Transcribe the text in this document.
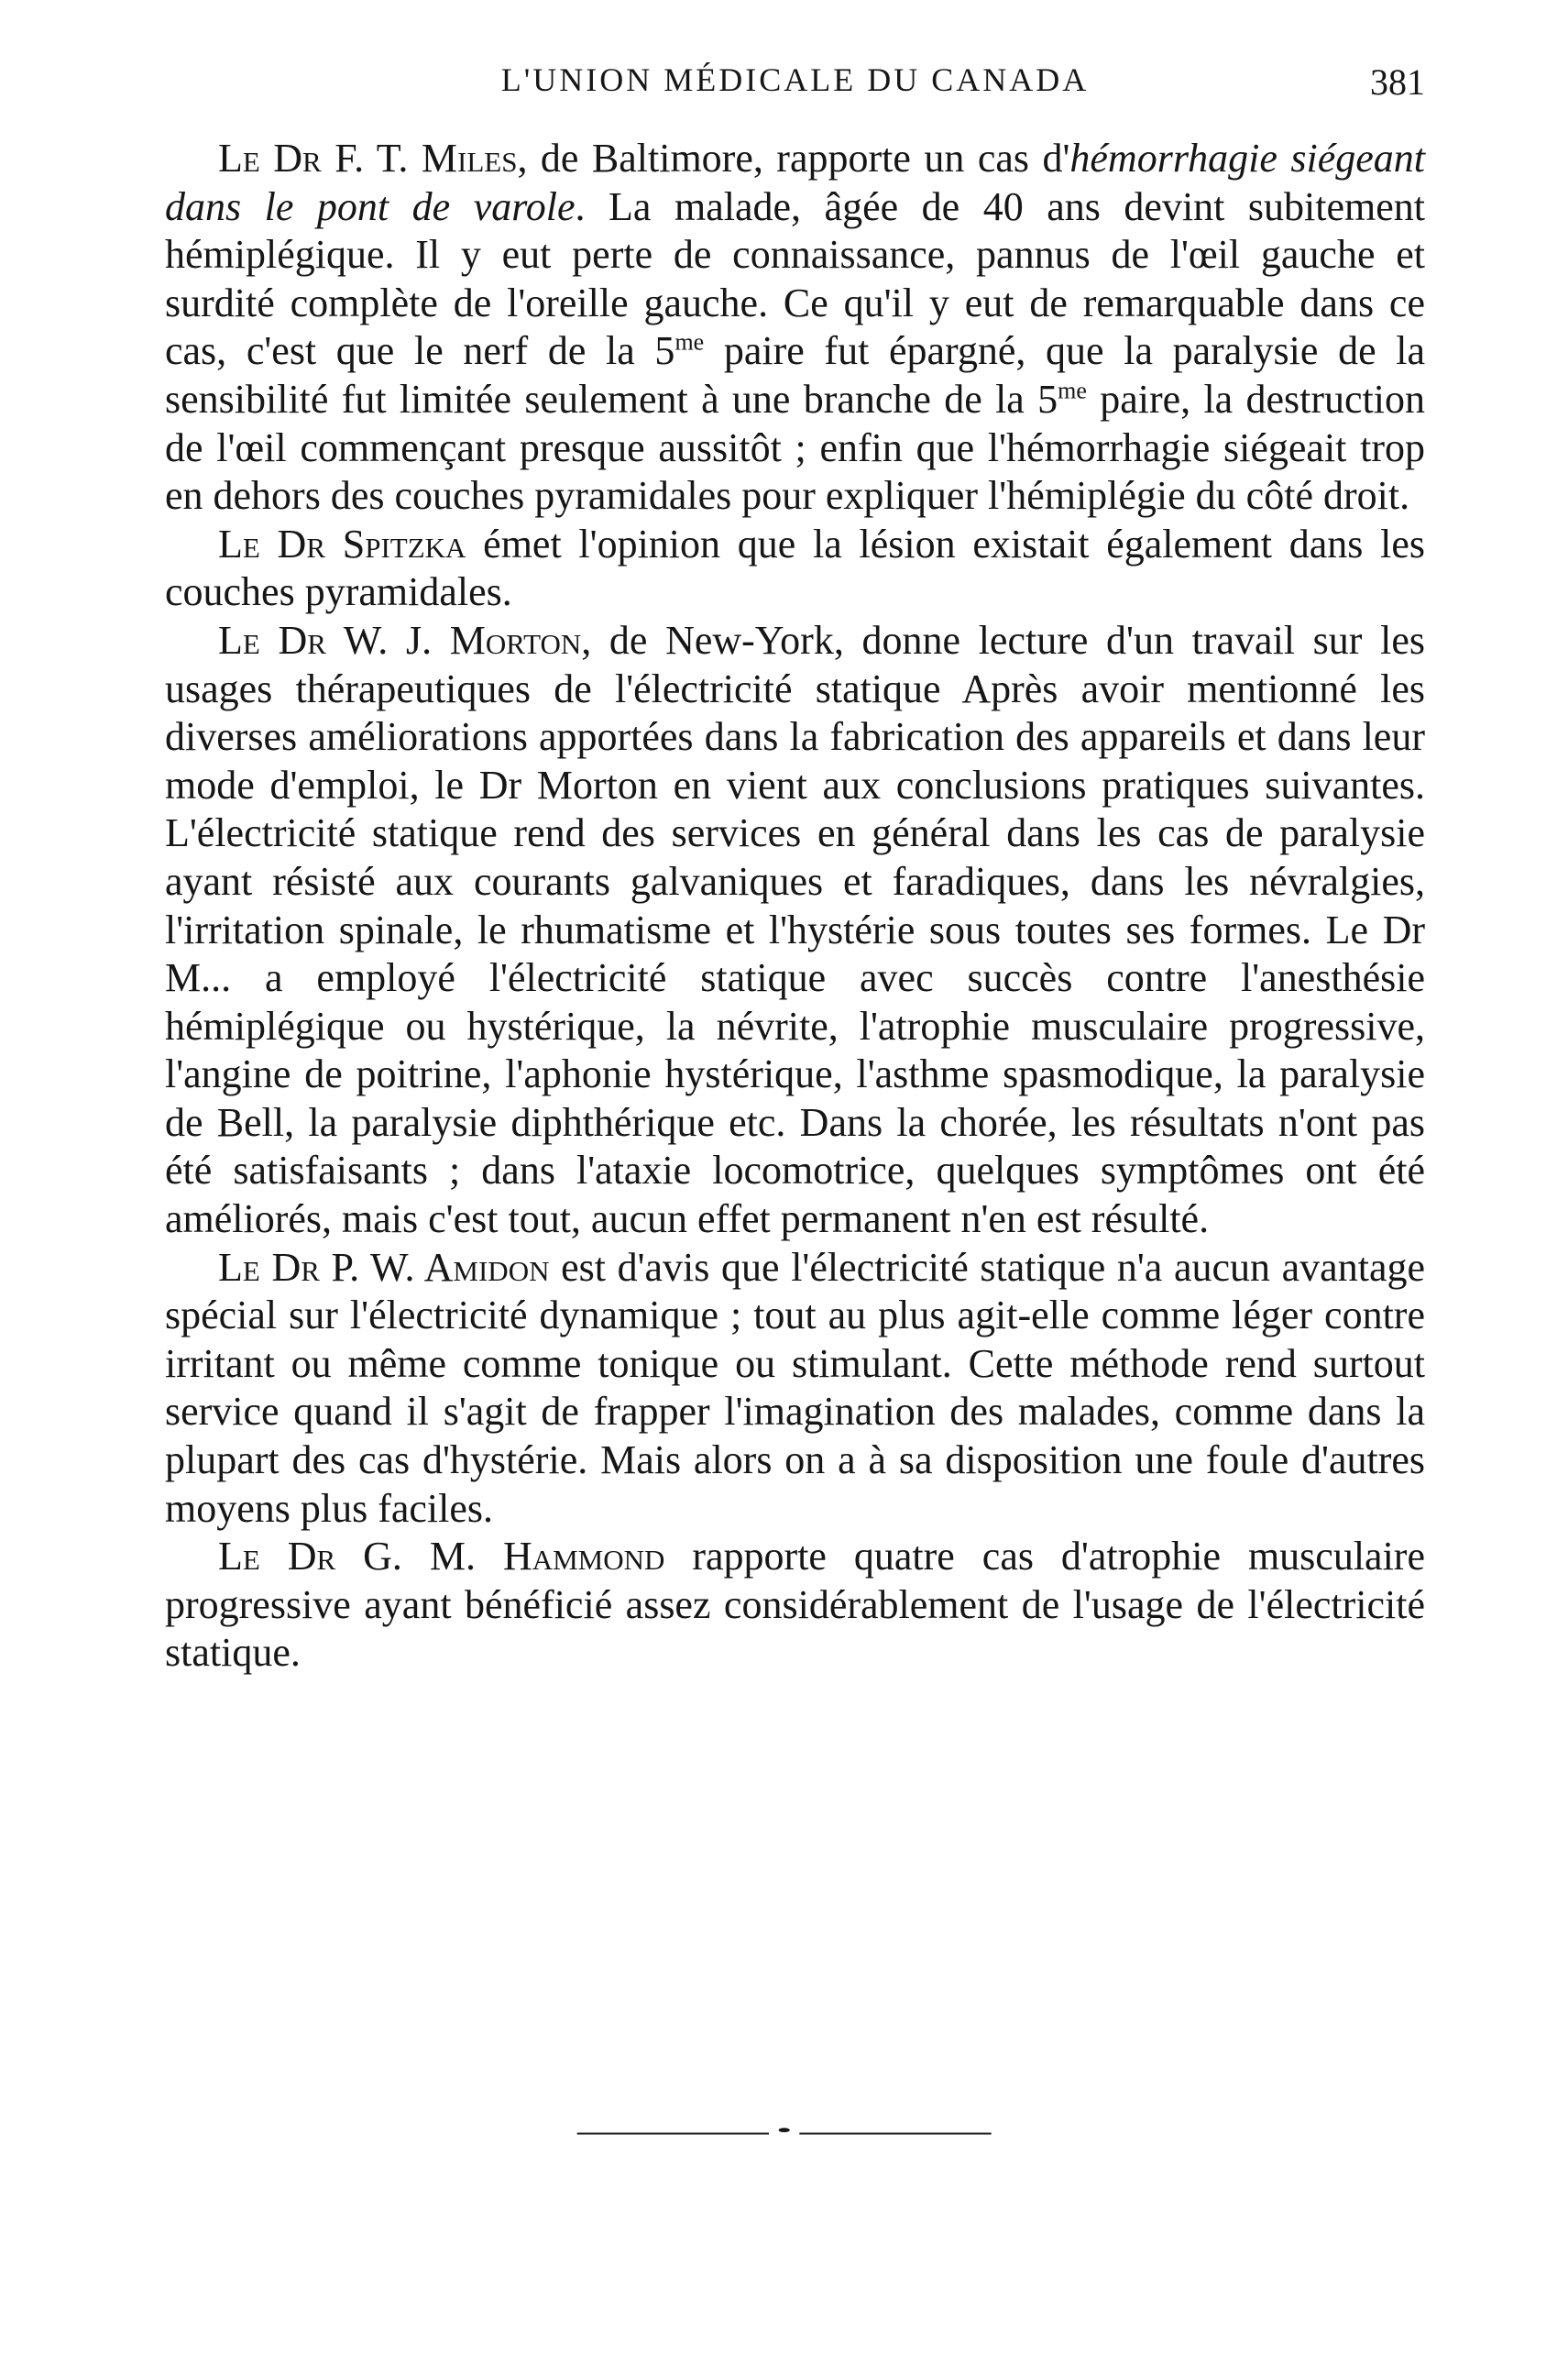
L'UNION MÉDICALE DU CANADA	381

Le Dr F. T. Miles, de Baltimore, rapporte un cas d'hémorrhagie siégeant dans le pont de varole. La malade, âgée de 40 ans devint subitement hémiplégique. Il y eut perte de connaissance, pannus de l'œil gauche et surdité complète de l'oreille gauche. Ce qu'il y eut de remarquable dans ce cas, c'est que le nerf de la 5$^{me}$ paire fut épargné, que la paralysie de la sensibilité fut limitée seulement à une branche de la 5$^{me}$ paire, la destruction de l'œil commençant presque aussitôt ; enfin que l'hémorrhagie siégeait trop en dehors des couches pyramidales pour expliquer l'hémiplégie du côté droit.

Le Dr Spitzka émet l'opinion que la lésion existait également dans les couches pyramidales.

Le Dr W. J. Morton, de New-York, donne lecture d'un travail sur les usages thérapeutiques de l'électricité statique Après avoir mentionné les diverses améliorations apportées dans la fabrication des appareils et dans leur mode d'emploi, le Dr Morton en vient aux conclusions pratiques suivantes. L'électricité statique rend des services en général dans les cas de paralysie ayant résisté aux courants galvaniques et faradiques, dans les névralgies, l'irritation spinale, le rhumatisme et l'hystérie sous toutes ses formes. Le Dr M... a employé l'électricité statique avec succès contre l'anesthésie hémiplégique ou hystérique, la névrite, l'atrophie musculaire progressive, l'angine de poitrine, l'aphonie hystérique, l'asthme spasmodique, la paralysie de Bell, la paralysie diphthérique etc. Dans la chorée, les résultats n'ont pas été satisfaisants ; dans l'ataxie locomotrice, quelques symptômes ont été améliorés, mais c'est tout, aucun effet permanent n'en est résulté.

Le Dr P. W. Amidon est d'avis que l'électricité statique n'a aucun avantage spécial sur l'électricité dynamique ; tout au plus agit-elle comme léger contre irritant ou même comme tonique ou stimulant. Cette méthode rend surtout service quand il s'agit de frapper l'imagination des malades, comme dans la plupart des cas d'hystérie. Mais alors on a à sa disposition une foule d'autres moyens plus faciles.

Le Dr G. M. Hammond rapporte quatre cas d'atrophie musculaire progressive ayant bénéficié assez considérablement de l'usage de l'électricité statique.

——·——
